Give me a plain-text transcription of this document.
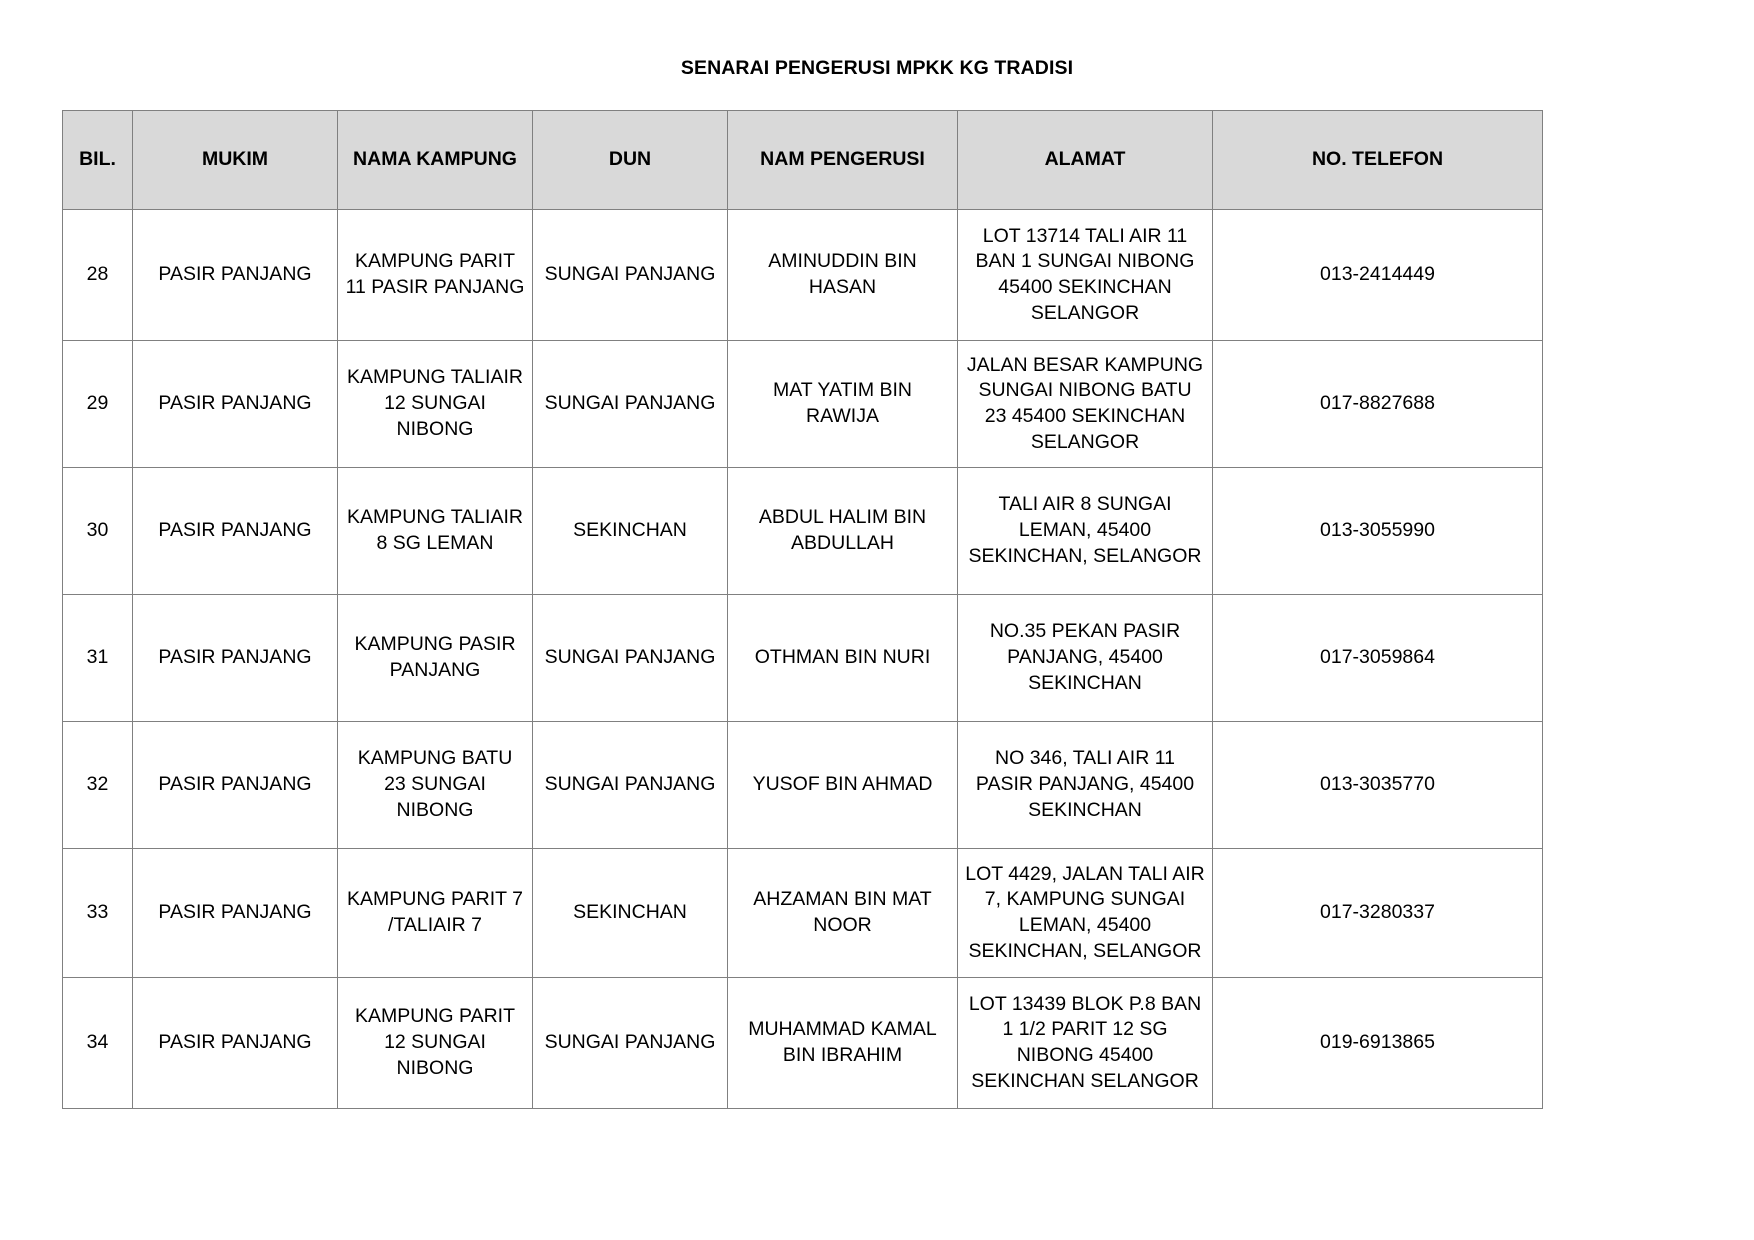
SENARAI PENGERUSI MPKK KG TRADISI
BIL.	MUKIM	NAMA KAMPUNG	DUN	NAM PENGERUSI	ALAMAT	NO. TELEFON
28	PASIR PANJANG	KAMPUNG PARIT 11 PASIR PANJANG	SUNGAI PANJANG	AMINUDDIN BIN HASAN	LOT 13714 TALI AIR 11 BAN 1 SUNGAI NIBONG 45400 SEKINCHAN SELANGOR	013-2414449
29	PASIR PANJANG	KAMPUNG TALIAIR 12 SUNGAI NIBONG	SUNGAI PANJANG	MAT YATIM BIN RAWIJA	JALAN BESAR KAMPUNG SUNGAI NIBONG BATU 23 45400 SEKINCHAN SELANGOR	017-8827688
30	PASIR PANJANG	KAMPUNG TALIAIR 8 SG LEMAN	SEKINCHAN	ABDUL HALIM BIN ABDULLAH	TALI AIR 8 SUNGAI LEMAN, 45400 SEKINCHAN, SELANGOR	013-3055990
31	PASIR PANJANG	KAMPUNG PASIR PANJANG	SUNGAI PANJANG	OTHMAN BIN NURI	NO.35 PEKAN PASIR PANJANG, 45400 SEKINCHAN	017-3059864
32	PASIR PANJANG	KAMPUNG BATU 23 SUNGAI NIBONG	SUNGAI PANJANG	YUSOF BIN AHMAD	NO 346, TALI AIR 11 PASIR PANJANG, 45400 SEKINCHAN	013-3035770
33	PASIR PANJANG	KAMPUNG PARIT 7 /TALIAIR 7	SEKINCHAN	AHZAMAN BIN MAT NOOR	LOT 4429, JALAN TALI AIR 7, KAMPUNG SUNGAI LEMAN, 45400 SEKINCHAN, SELANGOR	017-3280337
34	PASIR PANJANG	KAMPUNG PARIT 12 SUNGAI NIBONG	SUNGAI PANJANG	MUHAMMAD KAMAL BIN IBRAHIM	LOT 13439 BLOK P.8 BAN 1 1/2 PARIT 12 SG NIBONG 45400 SEKINCHAN SELANGOR	019-6913865
